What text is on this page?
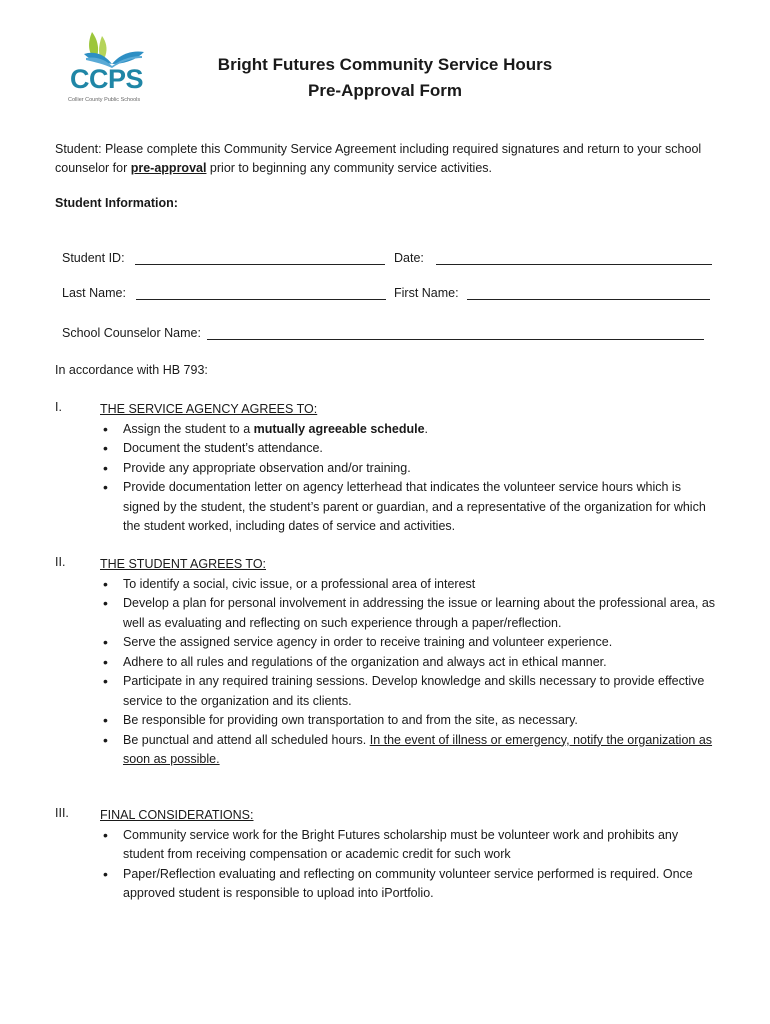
CCPS
Collier County Public Schools
Bright Futures Community Service Hours
Pre-Approval Form
Student: Please complete this Community Service Agreement including required signatures and return to your school counselor for pre-approval prior to beginning any community service activities.
Student Information:
Student ID:	Date:
Last Name:	First Name:
School Counselor Name:
In accordance with HB 793:
I.	THE SERVICE AGENCY AGREES TO:
• Assign the student to a mutually agreeable schedule.
• Document the student’s attendance.
• Provide any appropriate observation and/or training.
• Provide documentation letter on agency letterhead that indicates the volunteer service hours which is signed by the student, the student’s parent or guardian, and a representative of the organization for which the student worked, including dates of service and activities.
II.	THE STUDENT AGREES TO:
• To identify a social, civic issue, or a professional area of interest
• Develop a plan for personal involvement in addressing the issue or learning about the professional area, as well as evaluating and reflecting on such experience through a paper/reflection.
• Serve the assigned service agency in order to receive training and volunteer experience.
• Adhere to all rules and regulations of the organization and always act in ethical manner.
• Participate in any required training sessions. Develop knowledge and skills necessary to provide effective service to the organization and its clients.
• Be responsible for providing own transportation to and from the site, as necessary.
• Be punctual and attend all scheduled hours. In the event of illness or emergency, notify the organization as soon as possible.
III. FINAL CONSIDERATIONS:
• Community service work for the Bright Futures scholarship must be volunteer work and prohibits any student from receiving compensation or academic credit for such work
• Paper/Reflection evaluating and reflecting on community volunteer service performed is required. Once approved student is responsible to upload into iPortfolio.
